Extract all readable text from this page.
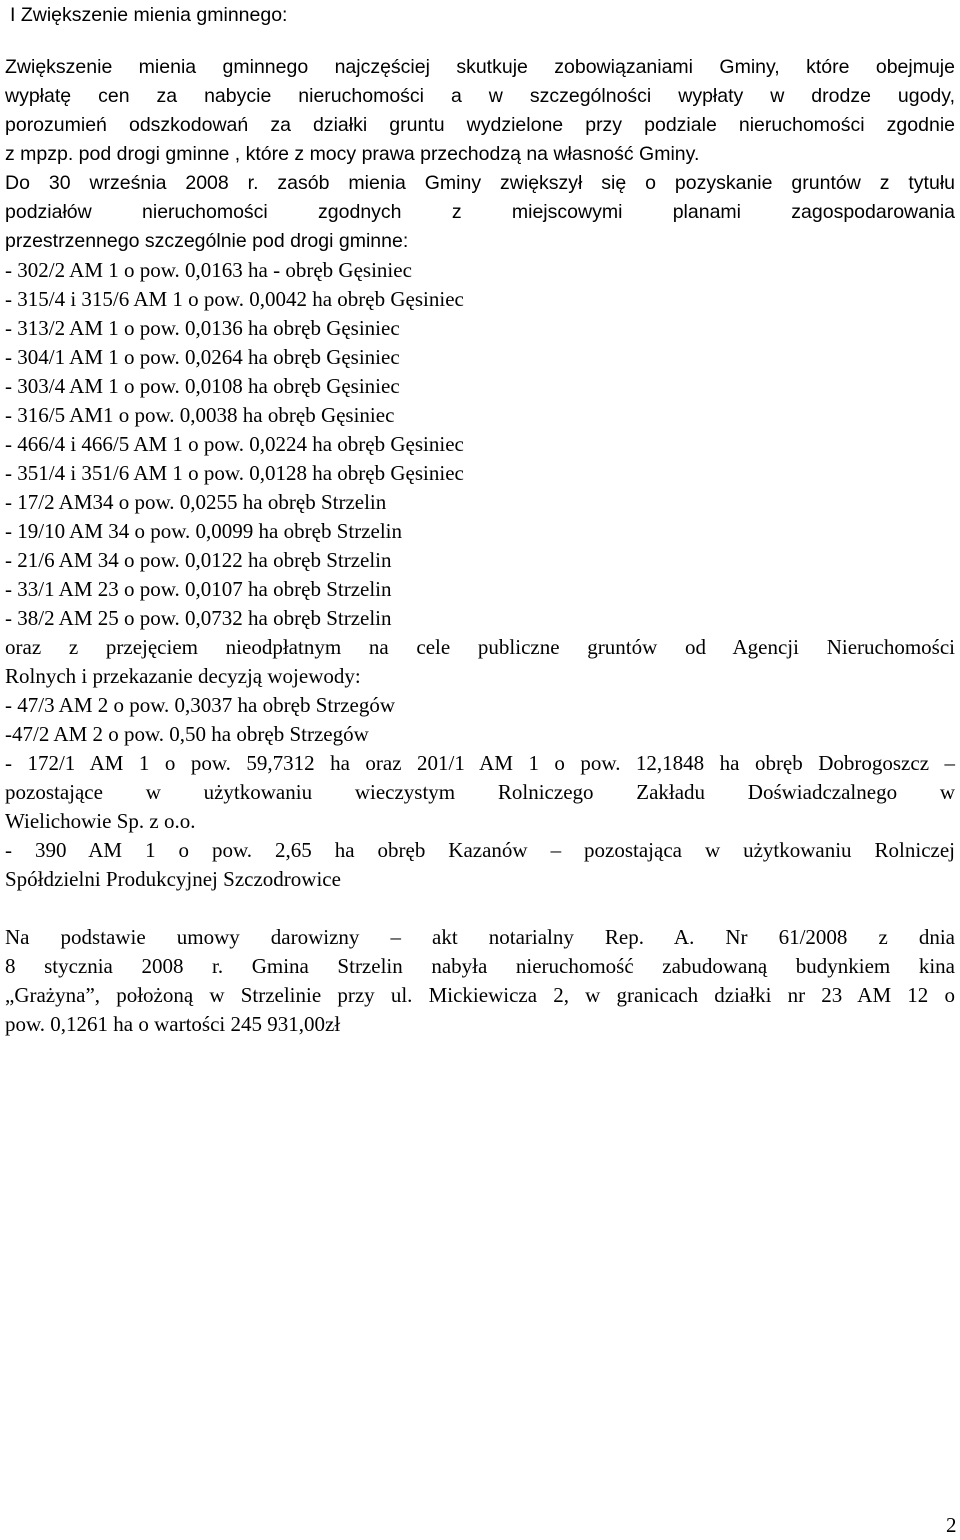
I Zwiększenie mienia gminnego:
Zwiększenie mienia gminnego najczęściej skutkuje zobowiązaniami Gminy, które obejmuje
wypłatę cen za nabycie nieruchomości a w szczególności wypłaty w drodze ugody,
porozumień odszkodowań za działki gruntu wydzielone przy podziale nieruchomości zgodnie
z mpzp. pod drogi gminne , które z mocy prawa przechodzą na własność Gminy.
Do 30 września 2008 r. zasób mienia Gminy zwiększył się o pozyskanie gruntów z tytułu
podziałów nieruchomości zgodnych z miejscowymi planami zagospodarowania
przestrzennego szczególnie pod drogi gminne:
- 302/2 AM 1 o pow. 0,0163 ha - obręb Gęsiniec
- 315/4 i 315/6 AM 1 o pow. 0,0042 ha obręb Gęsiniec
- 313/2 AM 1 o pow. 0,0136 ha obręb Gęsiniec
- 304/1 AM 1 o pow. 0,0264 ha obręb Gęsiniec
- 303/4 AM 1 o pow. 0,0108 ha obręb Gęsiniec
- 316/5 AM1 o pow. 0,0038 ha obręb Gęsiniec
- 466/4 i 466/5 AM 1 o pow. 0,0224 ha obręb Gęsiniec
- 351/4 i 351/6 AM 1 o pow. 0,0128 ha obręb Gęsiniec
- 17/2 AM34 o pow. 0,0255 ha obręb Strzelin
- 19/10 AM 34 o pow. 0,0099 ha obręb Strzelin
- 21/6 AM 34 o pow. 0,0122 ha obręb Strzelin
- 33/1 AM 23 o pow. 0,0107 ha obręb Strzelin
- 38/2 AM 25 o pow. 0,0732 ha obręb Strzelin
oraz z przejęciem nieodpłatnym na cele publiczne gruntów od Agencji Nieruchomości
Rolnych i przekazanie decyzją wojewody:
- 47/3 AM 2 o pow. 0,3037 ha obręb Strzegów
-47/2 AM 2 o pow. 0,50 ha obręb Strzegów
- 172/1 AM 1 o pow. 59,7312 ha oraz 201/1 AM 1 o pow. 12,1848 ha obręb Dobrogoszcz –
pozostające w użytkowaniu wieczystym Rolniczego Zakładu Doświadczalnego w
Wielichowie Sp. z o.o.
- 390 AM 1 o pow. 2,65 ha obręb Kazanów – pozostająca w użytkowaniu Rolniczej
Spółdzielni Produkcyjnej Szczodrowice
Na podstawie umowy darowizny – akt notarialny Rep. A. Nr 61/2008 z dnia
8 stycznia 2008 r. Gmina Strzelin nabyła nieruchomość zabudowaną budynkiem kina
„Grażyna”, położoną w Strzelinie przy ul. Mickiewicza 2, w granicach działki nr 23 AM 12 o
pow. 0,1261 ha o wartości 245 931,00zł
2
